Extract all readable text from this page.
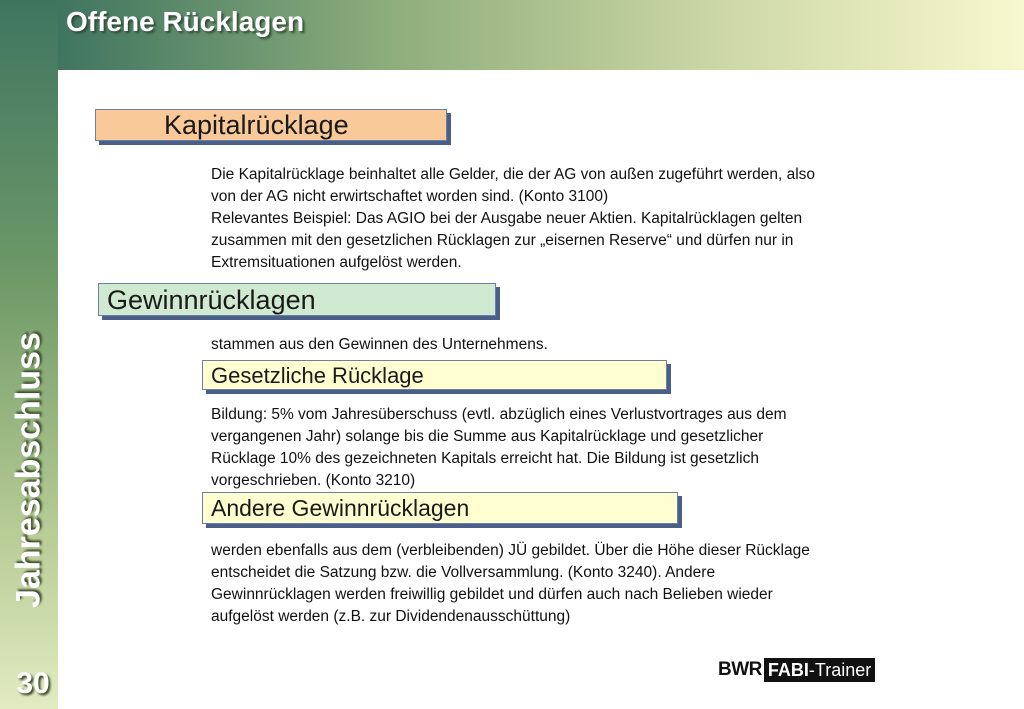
Jahresabschluss
30
Offene Rücklagen
Kapitalrücklage
Die Kapitalrücklage beinhaltet alle Gelder, die der AG von außen zugeführt werden, also
von der AG nicht erwirtschaftet worden sind. (Konto 3100)
Relevantes Beispiel: Das AGIO bei der Ausgabe neuer Aktien. Kapitalrücklagen gelten
zusammen mit den gesetzlichen Rücklagen zur „eisernen Reserve“ und dürfen nur in
Extremsituationen aufgelöst werden.
Gewinnrücklagen
stammen aus den Gewinnen des Unternehmens.
Gesetzliche Rücklage
Bildung: 5% vom Jahresüberschuss (evtl. abzüglich eines Verlustvortrages aus dem
vergangenen Jahr) solange bis die Summe aus Kapitalrücklage und gesetzlicher
Rücklage 10% des gezeichneten Kapitals erreicht hat. Die Bildung ist gesetzlich
vorgeschrieben. (Konto 3210)
Andere Gewinnrücklagen
werden ebenfalls aus dem (verbleibenden) JÜ gebildet. Über die Höhe dieser Rücklage
entscheidet die Satzung bzw. die Vollversammlung. (Konto 3240). Andere
Gewinnrücklagen werden freiwillig gebildet und dürfen auch nach Belieben wieder
aufgelöst werden (z.B. zur Dividendenausschüttung)
BWR FABI-Trainer
